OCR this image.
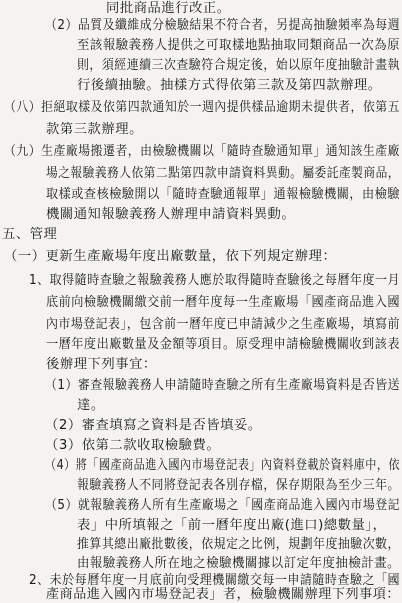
同批商品進行改正。
（2）品質及纖維成分檢驗結果不符合者，另提高抽驗頻率為每週
至該報驗義務人提供之可取樣地點抽取同類商品一次為原
則，須經連續三次查驗符合規定後，始以原年度抽驗計畫執
行後續抽驗。抽樣方式得依第三款及第四款辦理。
（八）拒絕取樣及依第四款通知於一週內提供樣品逾期未提供者，依第五
款第三款辦理。
（九）生產廠場搬遷者，由檢驗機關以「隨時查驗通知單」通知該生產廠
場之報驗義務人依第二點第四款申請資料異動。屬委託產製商品，
取樣或查核檢驗開以「隨時查驗通報單」通報檢驗機關，由檢驗
機關通知報驗義務人辦理申請資料異動。
五、管理
（一）更新生產廠場年度出廠數量，依下列規定辦理：
1、取得隨時查驗之報驗義務人應於取得隨時查驗後之每曆年度一月
底前向檢驗機關繳交前一曆年度每一生產廠場「國產商品進入國
內市場登記表」，包含前一曆年度已申請減少之生產廠場，填寫前
一曆年度出廠數量及金額等項目。原受理申請檢驗機關收到該表
後辦理下列事宜：
（1）審查報驗義務人申請隨時查驗之所有生產廠場資料是否皆送
達。
（2）審查填寫之資料是否皆填妥。
（3）依第二款收取檢驗費。
（4）將「國產商品進入國內市場登記表」內資料登載於資料庫中，依
報驗義務人不同將登記表各別存檔，保存期限為至少三年。
（5）就報驗義務人所有生產廠場之「國產商品進入國內市場登記
表」中所填報之「前一曆年度出廠(進口)總數量」，
推算其總出廠批數後，依規定之比例，規劃年度抽驗次數，
由報驗義務人所在地之檢驗機關據以訂定年度抽檢計畫。
2、未於每曆年度一月底前向受理機關繳交每一申請隨時查驗之「國
產商品進入國內市場登記表」者，檢驗機關辦理下列事項：
